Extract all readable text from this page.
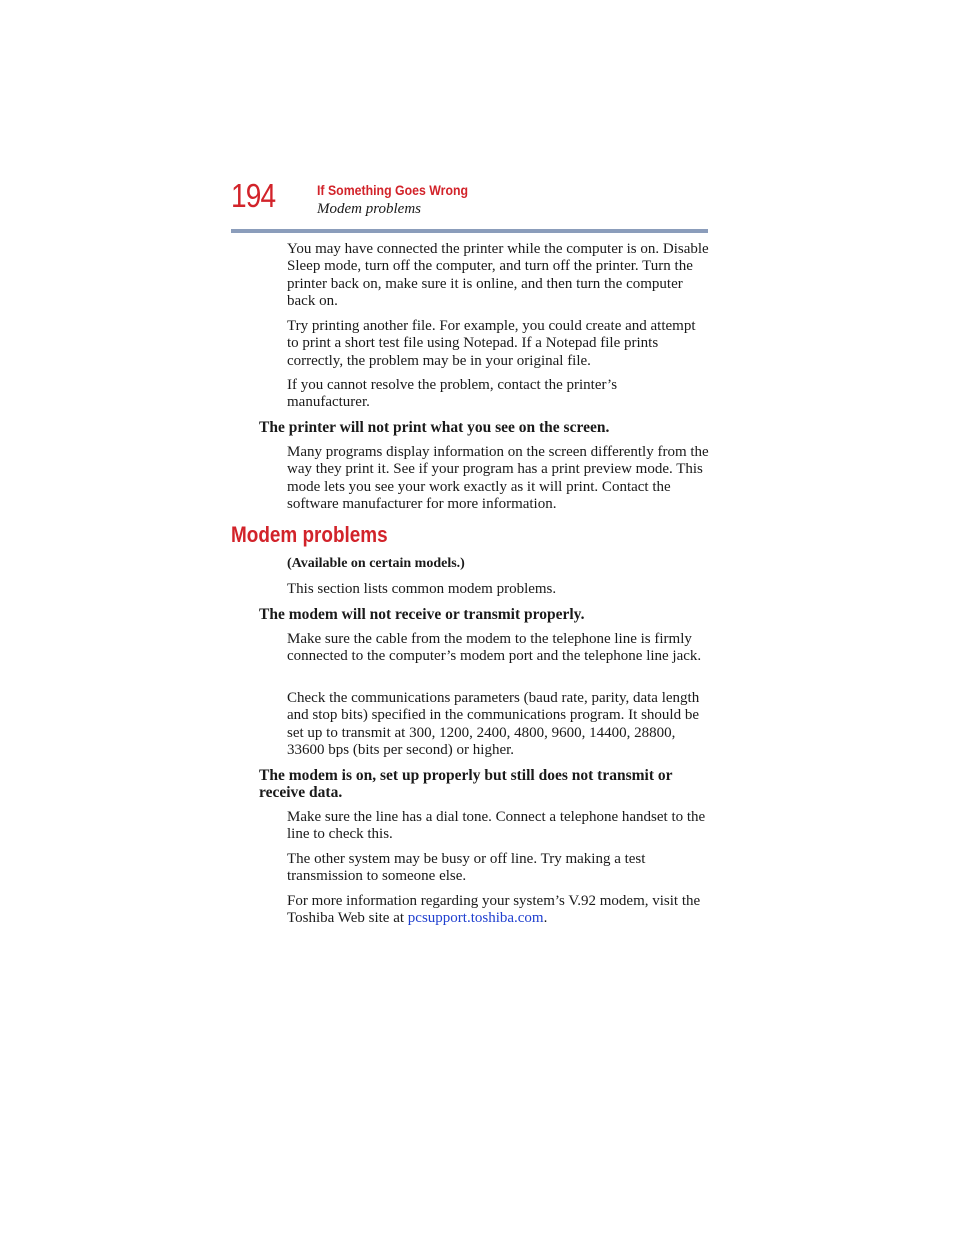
194	If Something Goes Wrong
Modem problems

You may have connected the printer while the computer is on. Disable Sleep mode, turn off the computer, and turn off the printer. Turn the printer back on, make sure it is online, and then turn the computer back on.

Try printing another file. For example, you could create and attempt to print a short test file using Notepad. If a Notepad file prints correctly, the problem may be in your original file.

If you cannot resolve the problem, contact the printer’s manufacturer.

The printer will not print what you see on the screen.

Many programs display information on the screen differently from the way they print it. See if your program has a print preview mode. This mode lets you see your work exactly as it will print. Contact the software manufacturer for more information.

Modem problems
(Available on certain models.)

This section lists common modem problems.

The modem will not receive or transmit properly.

Make sure the cable from the modem to the telephone line is firmly connected to the computer’s modem port and the telephone line jack.

Check the communications parameters (baud rate, parity, data length and stop bits) specified in the communications program. It should be set up to transmit at 300, 1200, 2400, 4800, 9600, 14400, 28800, 33600 bps (bits per second) or higher.

The modem is on, set up properly but still does not transmit or receive data.

Make sure the line has a dial tone. Connect a telephone handset to the line to check this.

The other system may be busy or off line. Try making a test transmission to someone else.

For more information regarding your system’s V.92 modem, visit the Toshiba Web site at pcsupport.toshiba.com.
